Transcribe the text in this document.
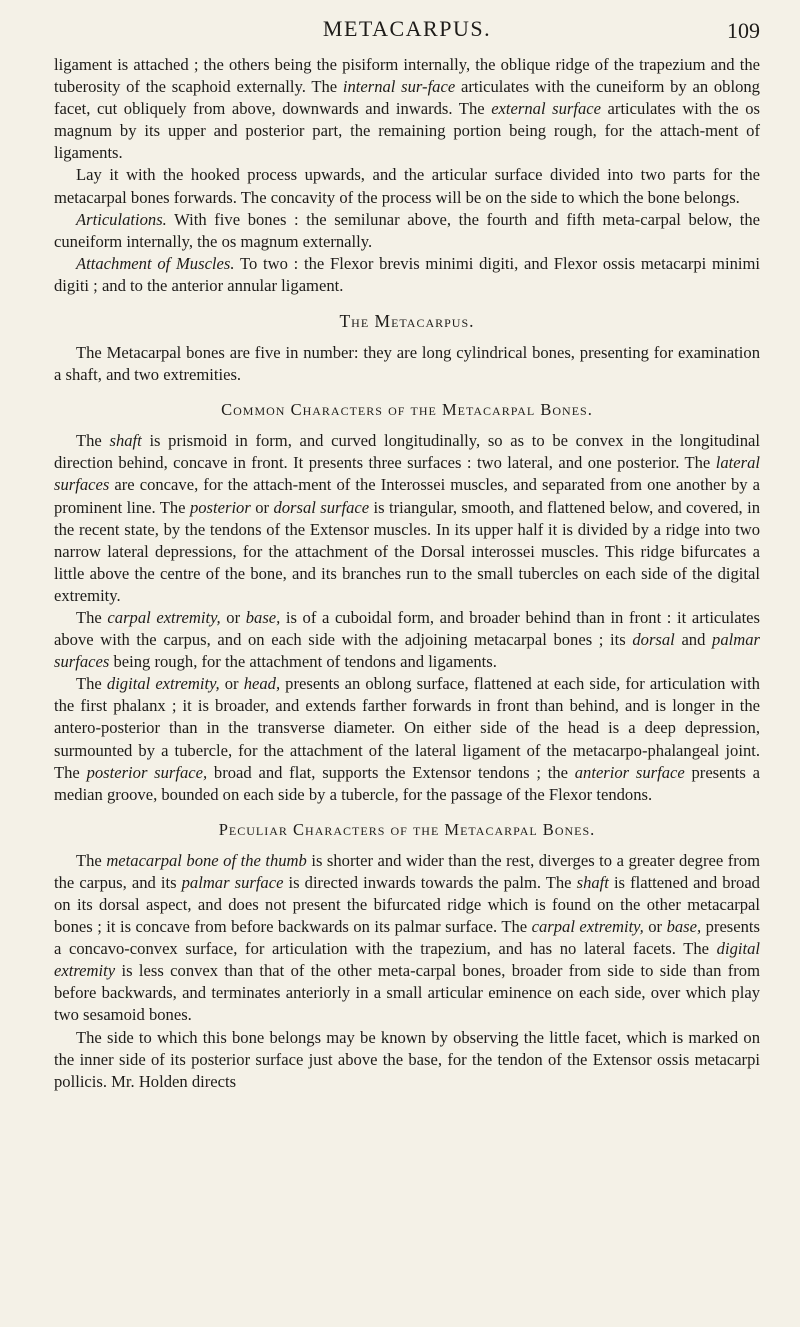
METACARPUS.	109

ligament is attached ; the others being the pisiform internally, the oblique ridge of the trapezium and the tuberosity of the scaphoid externally. The internal sur-face articulates with the cuneiform by an oblong facet, cut obliquely from above, downwards and inwards. The external surface articulates with the os magnum by its upper and posterior part, the remaining portion being rough, for the attach-ment of ligaments.

Lay it with the hooked process upwards, and the articular surface divided into two parts for the metacarpal bones forwards. The concavity of the process will be on the side to which the bone belongs.

Articulations. With five bones : the semilunar above, the fourth and fifth meta-carpal below, the cuneiform internally, the os magnum externally.

Attachment of Muscles. To two : the Flexor brevis minimi digiti, and Flexor ossis metacarpi minimi digiti ; and to the anterior annular ligament.

The Metacarpus.

The Metacarpal bones are five in number: they are long cylindrical bones, presenting for examination a shaft, and two extremities.

Common Characters of the Metacarpal Bones.

The shaft is prismoid in form, and curved longitudinally, so as to be convex in the longitudinal direction behind, concave in front. It presents three surfaces : two lateral, and one posterior. The lateral surfaces are concave, for the attach-ment of the Interossei muscles, and separated from one another by a prominent line. The posterior or dorsal surface is triangular, smooth, and flattened below, and covered, in the recent state, by the tendons of the Extensor muscles. In its upper half it is divided by a ridge into two narrow lateral depressions, for the attachment of the Dorsal interossei muscles. This ridge bifurcates a little above the centre of the bone, and its branches run to the small tubercles on each side of the digital extremity.

The carpal extremity, or base, is of a cuboidal form, and broader behind than in front : it articulates above with the carpus, and on each side with the adjoining metacarpal bones ; its dorsal and palmar surfaces being rough, for the attachment of tendons and ligaments.

The digital extremity, or head, presents an oblong surface, flattened at each side, for articulation with the first phalanx ; it is broader, and extends farther forwards in front than behind, and is longer in the antero-posterior than in the transverse diameter. On either side of the head is a deep depression, surmounted by a tubercle, for the attachment of the lateral ligament of the metacarpo-phalangeal joint. The posterior surface, broad and flat, supports the Extensor tendons ; the anterior surface presents a median groove, bounded on each side by a tubercle, for the passage of the Flexor tendons.

Peculiar Characters of the Metacarpal Bones.

The metacarpal bone of the thumb is shorter and wider than the rest, diverges to a greater degree from the carpus, and its palmar surface is directed inwards towards the palm. The shaft is flattened and broad on its dorsal aspect, and does not present the bifurcated ridge which is found on the other metacarpal bones ; it is concave from before backwards on its palmar surface. The carpal extremity, or base, presents a concavo-convex surface, for articulation with the trapezium, and has no lateral facets. The digital extremity is less convex than that of the other meta-carpal bones, broader from side to side than from before backwards, and terminates anteriorly in a small articular eminence on each side, over which play two sesamoid bones.

The side to which this bone belongs may be known by observing the little facet, which is marked on the inner side of its posterior surface just above the base, for the tendon of the Extensor ossis metacarpi pollicis. Mr. Holden directs
